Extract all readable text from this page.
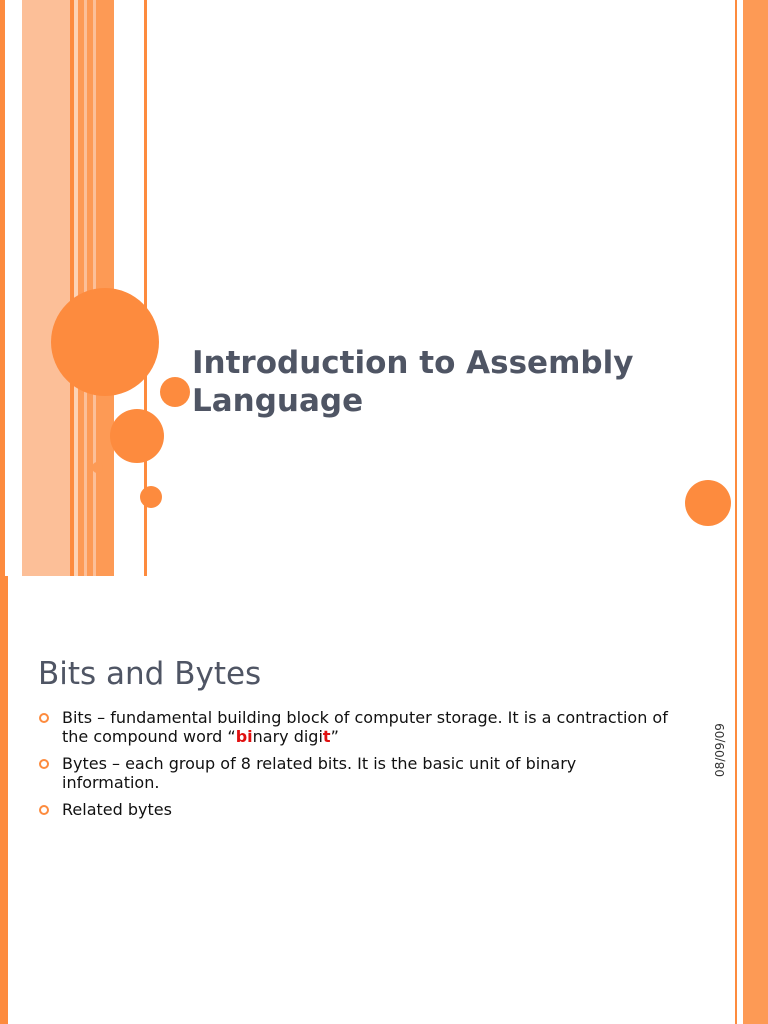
Introduction to Assembly
Language
Bits and Bytes
Bits – fundamental building block of computer storage. It is a contraction of the compound word “binary digit”
Bytes – each group of 8 related bits. It is the basic unit of binary information.
Related bytes
08/09/09
